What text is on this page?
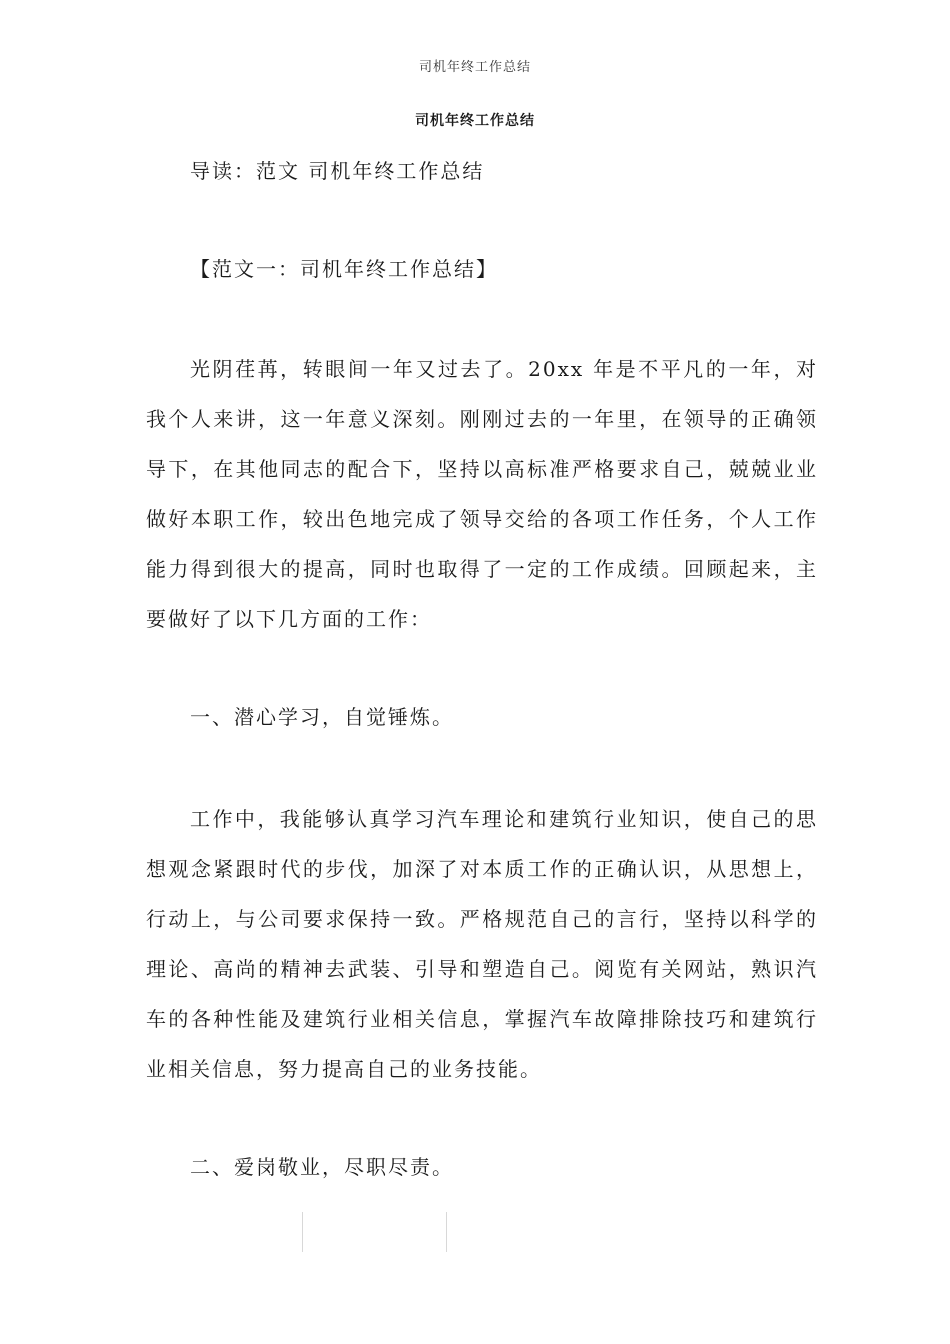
司机年终工作总结
司机年终工作总结

导读：范文 司机年终工作总结

【范文一：司机年终工作总结】

光阴荏苒，转眼间一年又过去了。20xx 年是不平凡的一年，对我个人来讲，这一年意义深刻。刚刚过去的一年里，在领导的正确领导下，在其他同志的配合下，坚持以高标准严格要求自己，兢兢业业做好本职工作，较出色地完成了领导交给的各项工作任务，个人工作能力得到很大的提高，同时也取得了一定的工作成绩。回顾起来，主要做好了以下几方面的工作：

一、潜心学习，自觉锤炼。

工作中，我能够认真学习汽车理论和建筑行业知识，使自己的思想观念紧跟时代的步伐，加深了对本质工作的正确认识，从思想上，行动上，与公司要求保持一致。严格规范自己的言行，坚持以科学的理论、高尚的精神去武装、引导和塑造自己。阅览有关网站，熟识汽车的各种性能及建筑行业相关信息，掌握汽车故障排除技巧和建筑行业相关信息，努力提高自己的业务技能。

二、爱岗敬业，尽职尽责。
